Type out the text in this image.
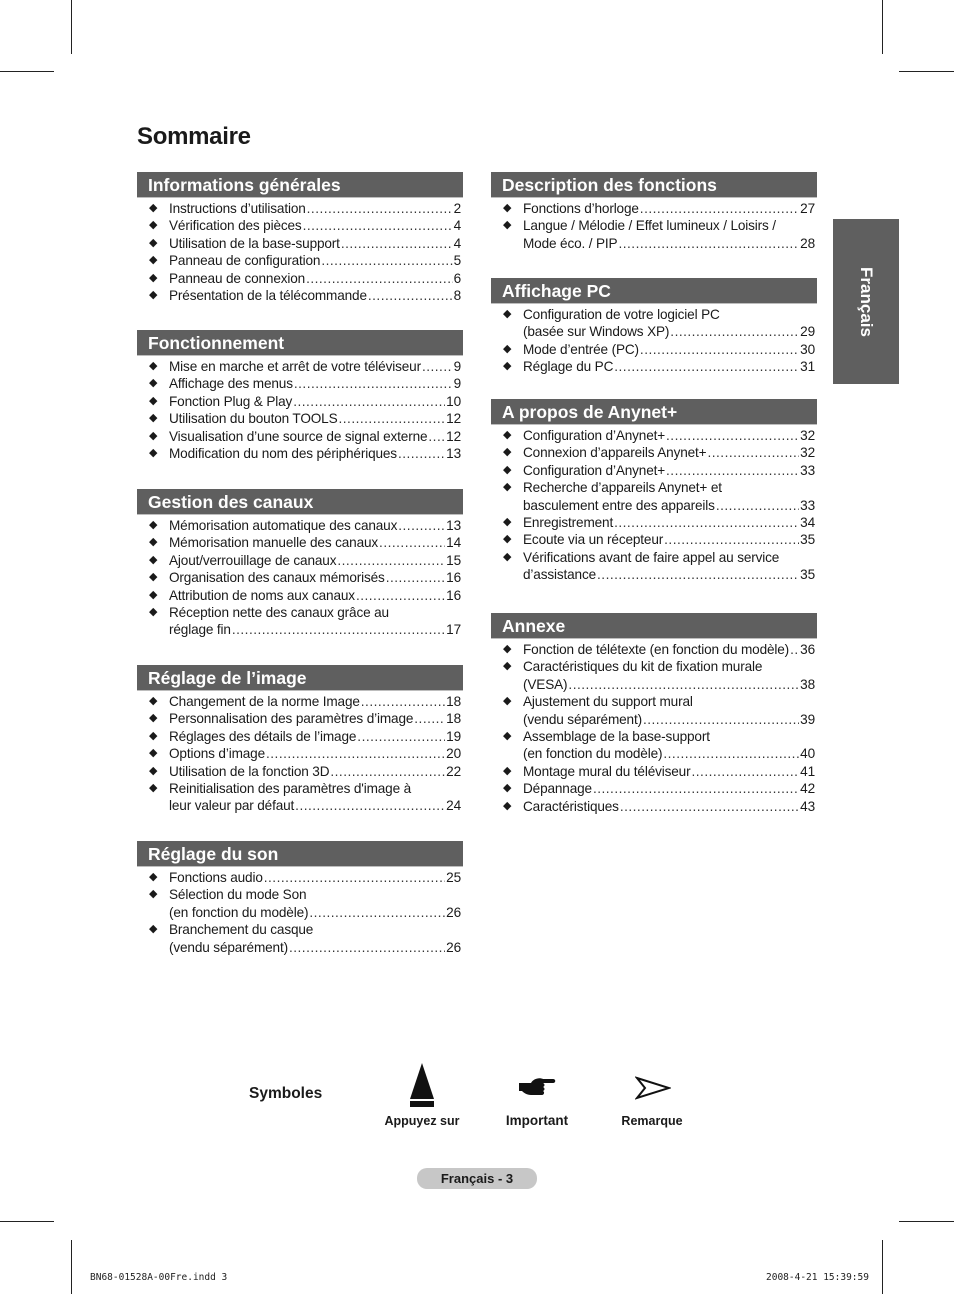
Sommaire
Informations générales
◆ Instructions d’utilisation .....	2
◆ Vérification des pièces .....	4
◆ Utilisation de la base-support .....	4
◆ Panneau de configuration .....	5
◆ Panneau de connexion .....	6
◆ Présentation de la télécommande .....	8
Fonctionnement
◆ Mise en marche et arrêt de votre téléviseur ..... 9
◆ Affichage des menus .....	9
◆ Fonction Plug & Play .....	10
◆ Utilisation du bouton TOOLS .....	12
◆ Visualisation d’une source de signal externe ..... 12
◆ Modification du nom des périphériques .....	13
Gestion des canaux
◆ Mémorisation automatique des canaux .....	13
◆ Mémorisation manuelle des canaux .....	14
◆ Ajout/verrouillage de canaux .....	15
◆ Organisation des canaux mémorisés .....	16
◆ Attribution de noms aux canaux .....	16
◆ Réception nette des canaux grâce au
réglage fin .....	17
Réglage de l’image
◆ Changement de la norme Image .....	18
◆ Personnalisation des paramètres d’image ..... 18
◆ Réglages des détails de l’image .....	19
◆ Options d’image .....	20
◆ Utilisation de la fonction 3D .....	22
◆ Reinitialisation des paramètres d'image à
leur valeur par défaut .....	24
Réglage du son
◆ Fonctions audio .....	25
◆ Sélection du mode Son
(en fonction du modèle) .....	26
◆ Branchement du casque
(vendu séparément) .....	26
Description des fonctions
◆ Fonctions d’horloge .....	27
◆ Langue / Mélodie / Effet lumineux / Loisirs /
Mode éco. / PIP .....	28
Affichage PC
◆ Configuration de votre logiciel PC
(basée sur Windows XP) .....	29
◆ Mode d’entrée (PC) .....	30
◆ Réglage du PC .....	31
A propos de Anynet+
◆ Configuration d’Anynet+ .....	32
◆ Connexion d’appareils Anynet+ .....	32
◆ Configuration d’Anynet+ .....	33
◆ Recherche d’appareils Anynet+ et
basculement entre des appareils .....	33
◆ Enregistrement .....	34
◆ Ecoute via un récepteur .....	35
◆ Vérifications avant de faire appel au service
d’assistance .....	35
Annexe
◆ Fonction de télétexte (en fonction du modèle) ..... 36
◆ Caractéristiques du kit de fixation murale
(VESA) .....	38
◆ Ajustement du support mural
(vendu séparément) .....	39
◆ Assemblage de la base-support
(en fonction du modèle) .....	40
◆ Montage mural du téléviseur .....	41
◆ Dépannage .....	42
◆ Caractéristiques .....	43
Français
Symboles
Appuyez sur	Important	Remarque
Français - 3
BN68-01528A-00Fre.indd 3	2008-4-21 15:39:59
